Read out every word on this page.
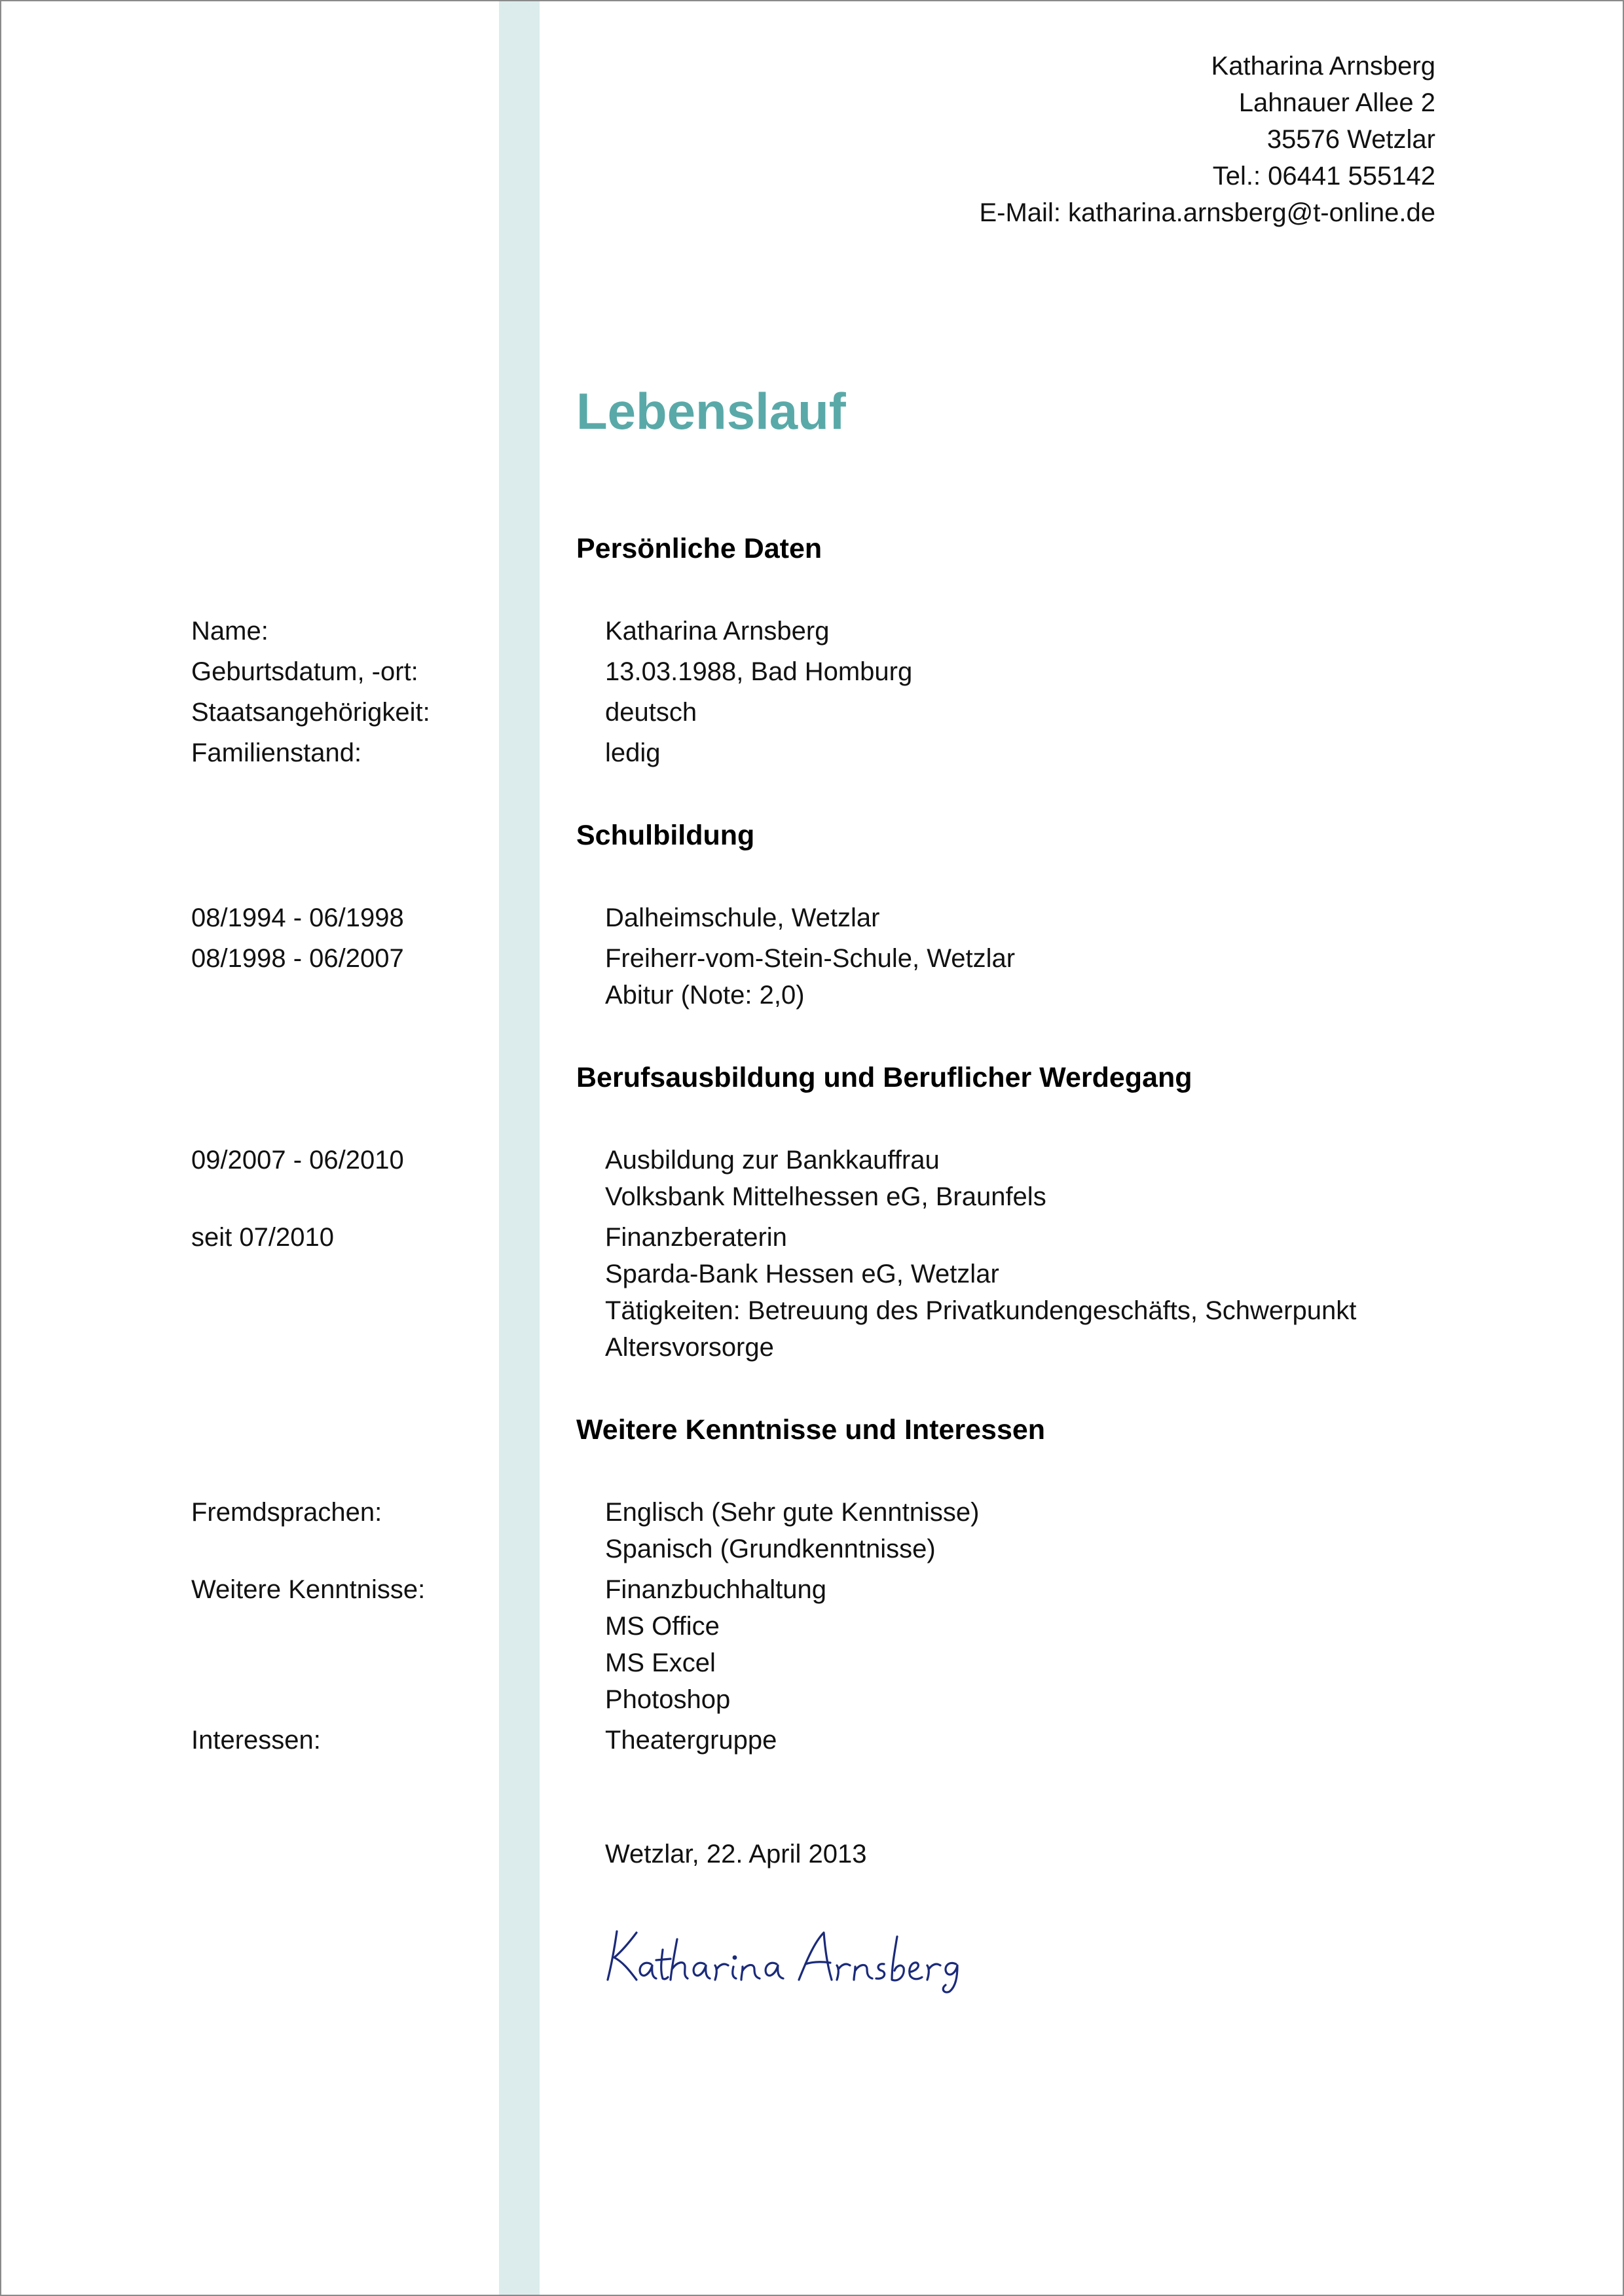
Katharina Arnsberg
Lahnauer Allee 2
35576 Wetzlar
Tel.: 06441 555142
E-Mail: katharina.arnsberg@t-online.de
Lebenslauf
Persönliche Daten
Name:	Katharina Arnsberg
Geburtsdatum, -ort:	13.03.1988, Bad Homburg
Staatsangehörigkeit:	deutsch
Familienstand:	ledig
Schulbildung
08/1994 - 06/1998	Dalheimschule, Wetzlar
08/1998 - 06/2007	Freiherr-vom-Stein-Schule, Wetzlar
Abitur (Note: 2,0)
Berufsausbildung und Beruflicher Werdegang
09/2007 - 06/2010	Ausbildung zur Bankkauffrau
Volksbank Mittelhessen eG, Braunfels
seit 07/2010	Finanzberaterin
Sparda-Bank Hessen eG, Wetzlar
Tätigkeiten: Betreuung des Privatkundengeschäfts, Schwerpunkt
Altersvorsorge
Weitere Kenntnisse und Interessen
Fremdsprachen:	Englisch (Sehr gute Kenntnisse)
Spanisch (Grundkenntnisse)
Weitere Kenntnisse:	Finanzbuchhaltung
MS Office
MS Excel
Photoshop
Interessen:	Theatergruppe
Wetzlar, 22. April 2013
